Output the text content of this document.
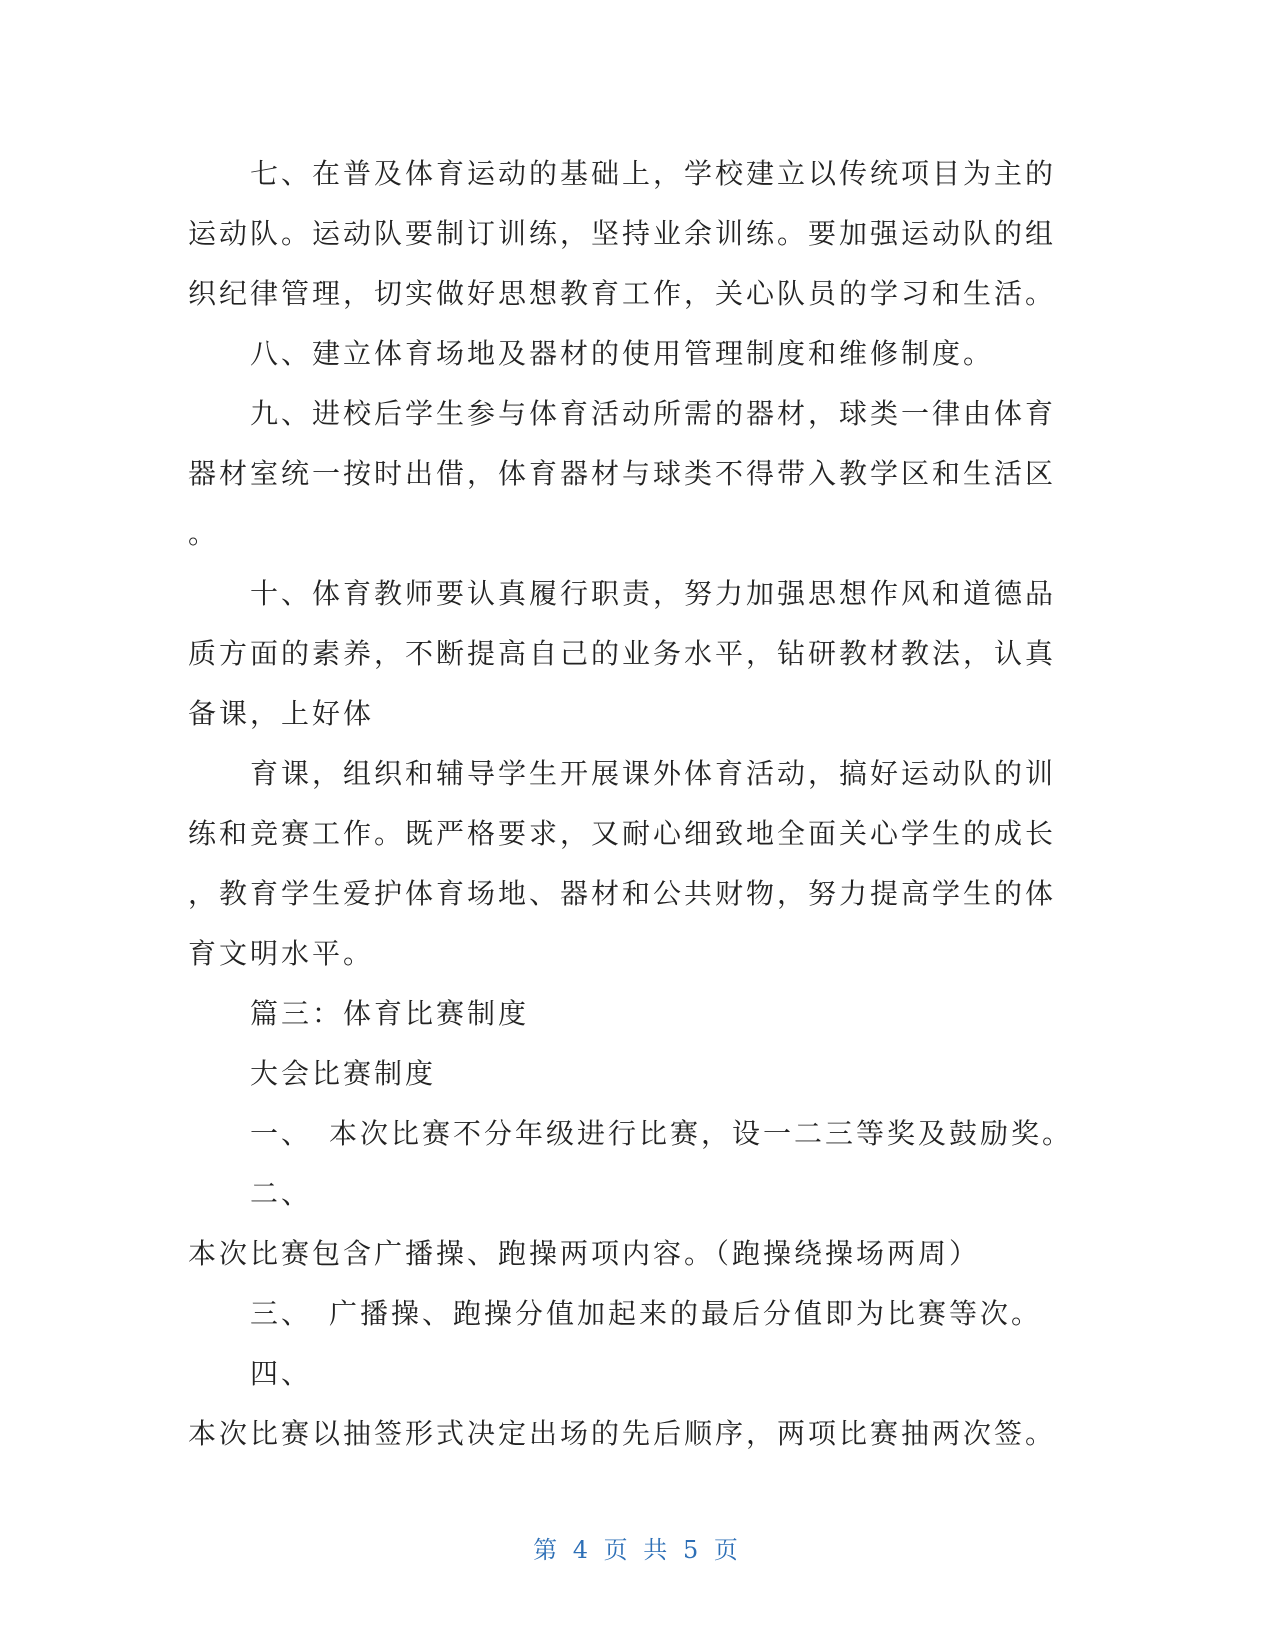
七、在普及体育运动的基础上，学校建立以传统项目为主的
运动队。运动队要制订训练，坚持业余训练。要加强运动队的组
织纪律管理，切实做好思想教育工作，关心队员的学习和生活。
八、建立体育场地及器材的使用管理制度和维修制度。
九、进校后学生参与体育活动所需的器材，球类一律由体育
器材室统一按时出借，体育器材与球类不得带入教学区和生活区
。
十、体育教师要认真履行职责，努力加强思想作风和道德品
质方面的素养，不断提高自己的业务水平，钻研教材教法，认真
备课，上好体
育课，组织和辅导学生开展课外体育活动，搞好运动队的训
练和竞赛工作。既严格要求，又耐心细致地全面关心学生的成长
，教育学生爱护体育场地、器材和公共财物，努力提高学生的体
育文明水平。
篇三：体育比赛制度
大会比赛制度
一、　本次比赛不分年级进行比赛，设一二三等奖及鼓励奖。
二、
本次比赛包含广播操、跑操两项内容。（跑操绕操场两周）
三、　广播操、跑操分值加起来的最后分值即为比赛等次。
四、
本次比赛以抽签形式决定出场的先后顺序，两项比赛抽两次签。
第 4 页 共 5 页
